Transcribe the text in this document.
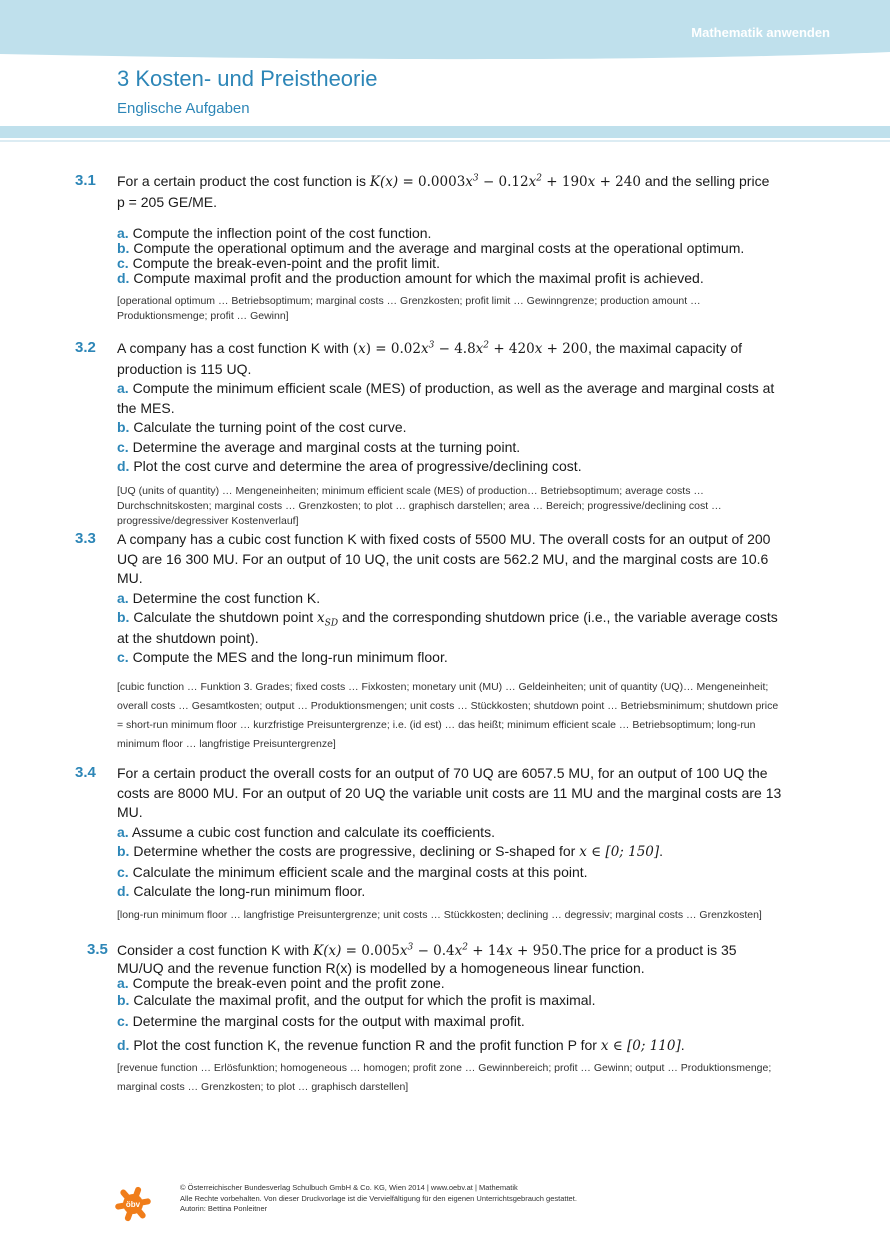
Mathematik anwenden
3 Kosten- und Preistheorie
Englische Aufgaben
3.1 For a certain product the cost function is $K(x) = 0.0003x^3 - 0.12x^2 + 190x + 240$ and the selling price
p = 205 GE/ME.
a. Compute the inflection point of the cost function.
b. Compute the operational optimum and the average and marginal costs at the operational optimum.
c. Compute the break-even-point and the profit limit.
d. Compute maximal profit and the production amount for which the maximal profit is achieved.
[operational optimum … Betriebsoptimum; marginal costs … Grenzkosten; profit limit … Gewinngrenze; production amount … Produktionsmenge; profit … Gewinn]
3.2 A company has a cost function K with $(x) = 0.02x^3 - 4.8x^2 + 420x + 200$, the maximal capacity of
production is 115 UQ.
a. Compute the minimum efficient scale (MES) of production, as well as the average and marginal costs at the MES.
b. Calculate the turning point of the cost curve.
c. Determine the average and marginal costs at the turning point.
d. Plot the cost curve and determine the area of progressive/declining cost.
[UQ (units of quantity) … Mengeneinheiten; minimum efficient scale (MES) of production… Betriebsoptimum; average costs … Durchschnitskosten; marginal costs … Grenzkosten; to plot … graphisch darstellen; area … Bereich; progressive/declining cost … progressive/degressiver Kostenverlauf]
3.3 A company has a cubic cost function K with fixed costs of 5500 MU. The overall costs for an output of 200 UQ are 16 300 MU. For an output of 10 UQ, the unit costs are 562.2 MU, and the marginal costs are 10.6 MU.
a. Determine the cost function K.
b. Calculate the shutdown point $x_{SD}$ and the corresponding shutdown price (i.e., the variable average costs at the shutdown point).
c. Compute the MES and the long-run minimum floor.
[cubic function … Funktion 3. Grades; fixed costs … Fixkosten; monetary unit (MU) … Geldeinheiten; unit of quantity (UQ)… Mengeneinheit; overall costs … Gesamtkosten; output … Produktionsmengen; unit costs … Stückkosten; shutdown point … Betriebsminimum; shutdown price = short-run minimum floor … kurzfristige Preisuntergrenze; i.e. (id est) … das heißt; minimum efficient scale … Betriebsoptimum; long-run minimum floor … langfristige Preisuntergrenze]
3.4 For a certain product the overall costs for an output of 70 UQ are 6057.5 MU, for an output of 100 UQ the costs are 8000 MU. For an output of 20 UQ the variable unit costs are 11 MU and the marginal costs are 13 MU.
a. Assume a cubic cost function and calculate its coefficients.
b. Determine whether the costs are progressive, declining or S-shaped for x ∈ [0; 150].
c. Calculate the minimum efficient scale and the marginal costs at this point.
d. Calculate the long-run minimum floor.
[long-run minimum floor … langfristige Preisuntergrenze; unit costs … Stückkosten; declining … degressiv; marginal costs … Grenzkosten]
3.5 Consider a cost function K with $K(x) = 0.005x^3 - 0.4x^2 + 14x + 950.The$ price for a product is 35
MU/UQ and the revenue function R(x) is modelled by a homogeneous linear function.
a. Compute the break-even point and the profit zone.
b. Calculate the maximal profit, and the output for which the profit is maximal.
c. Determine the marginal costs for the output with maximal profit.
d. Plot the cost function K, the revenue function R and the profit function P for x ∈ [0; 110].
[revenue function … Erlösfunktion; homogeneous … homogen; profit zone … Gewinnbereich; profit … Gewinn; output … Produktionsmenge; marginal costs … Grenzkosten; to plot … graphisch darstellen]
öbv
© Österreichischer Bundesverlag Schulbuch GmbH & Co. KG, Wien 2014 | www.oebv.at | Mathematik
Alle Rechte vorbehalten. Von dieser Druckvorlage ist die Vervielfältigung für den eigenen Unterrichtsgebrauch gestattet.
Autorin: Bettina Ponleitner
